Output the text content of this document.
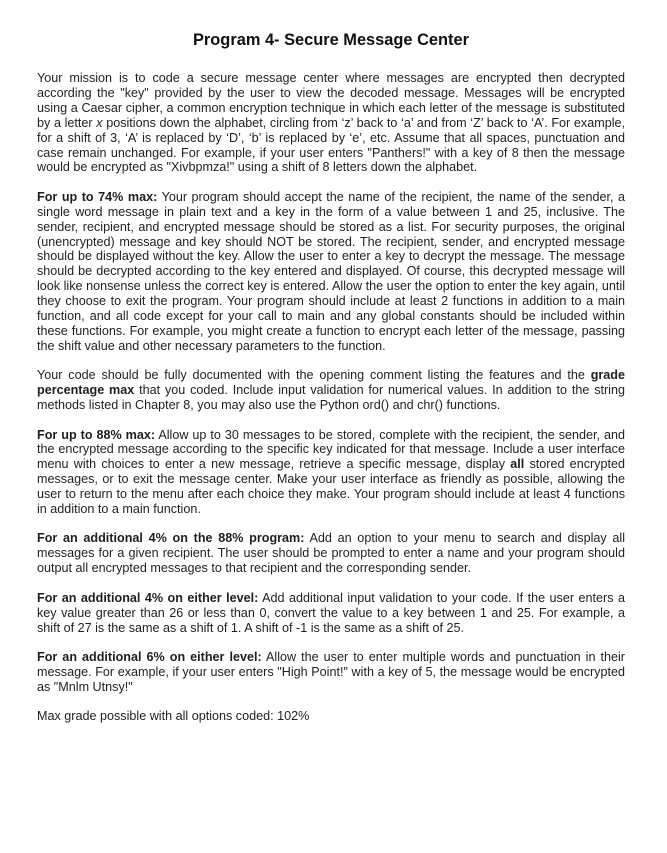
Program 4- Secure Message Center

Your mission is to code a secure message center where messages are encrypted then decrypted according the "key" provided by the user to view the decoded message. Messages will be encrypted using a Caesar cipher, a common encryption technique in which each letter of the message is substituted by a letter x positions down the alphabet, circling from ‘z’ back to ‘a’ and from ‘Z’ back to ‘A’. For example, for a shift of 3, ‘A’ is replaced by ‘D’, ‘b’ is replaced by ‘e’, etc. Assume that all spaces, punctuation and case remain unchanged. For example, if your user enters "Panthers!" with a key of 8 then the message would be encrypted as "Xivbpmza!" using a shift of 8 letters down the alphabet.

For up to 74% max: Your program should accept the name of the recipient, the name of the sender, a single word message in plain text and a key in the form of a value between 1 and 25, inclusive. The sender, recipient, and encrypted message should be stored as a list. For security purposes, the original (unencrypted) message and key should NOT be stored. The recipient, sender, and encrypted message should be displayed without the key. Allow the user to enter a key to decrypt the message. The message should be decrypted according to the key entered and displayed. Of course, this decrypted message will look like nonsense unless the correct key is entered. Allow the user the option to enter the key again, until they choose to exit the program. Your program should include at least 2 functions in addition to a main function, and all code except for your call to main and any global constants should be included within these functions. For example, you might create a function to encrypt each letter of the message, passing the shift value and other necessary parameters to the function.

Your code should be fully documented with the opening comment listing the features and the grade percentage max that you coded. Include input validation for numerical values. In addition to the string methods listed in Chapter 8, you may also use the Python ord() and chr() functions.

For up to 88% max: Allow up to 30 messages to be stored, complete with the recipient, the sender, and the encrypted message according to the specific key indicated for that message. Include a user interface menu with choices to enter a new message, retrieve a specific message, display all stored encrypted messages, or to exit the message center. Make your user interface as friendly as possible, allowing the user to return to the menu after each choice they make. Your program should include at least 4 functions in addition to a main function.

For an additional 4% on the 88% program: Add an option to your menu to search and display all messages for a given recipient. The user should be prompted to enter a name and your program should output all encrypted messages to that recipient and the corresponding sender.

For an additional 4% on either level: Add additional input validation to your code. If the user enters a key value greater than 26 or less than 0, convert the value to a key between 1 and 25. For example, a shift of 27 is the same as a shift of 1. A shift of -1 is the same as a shift of 25.

For an additional 6% on either level: Allow the user to enter multiple words and punctuation in their message. For example, if your user enters "High Point!" with a key of 5, the message would be encrypted as "Mnlm Utnsy!"

Max grade possible with all options coded: 102%
